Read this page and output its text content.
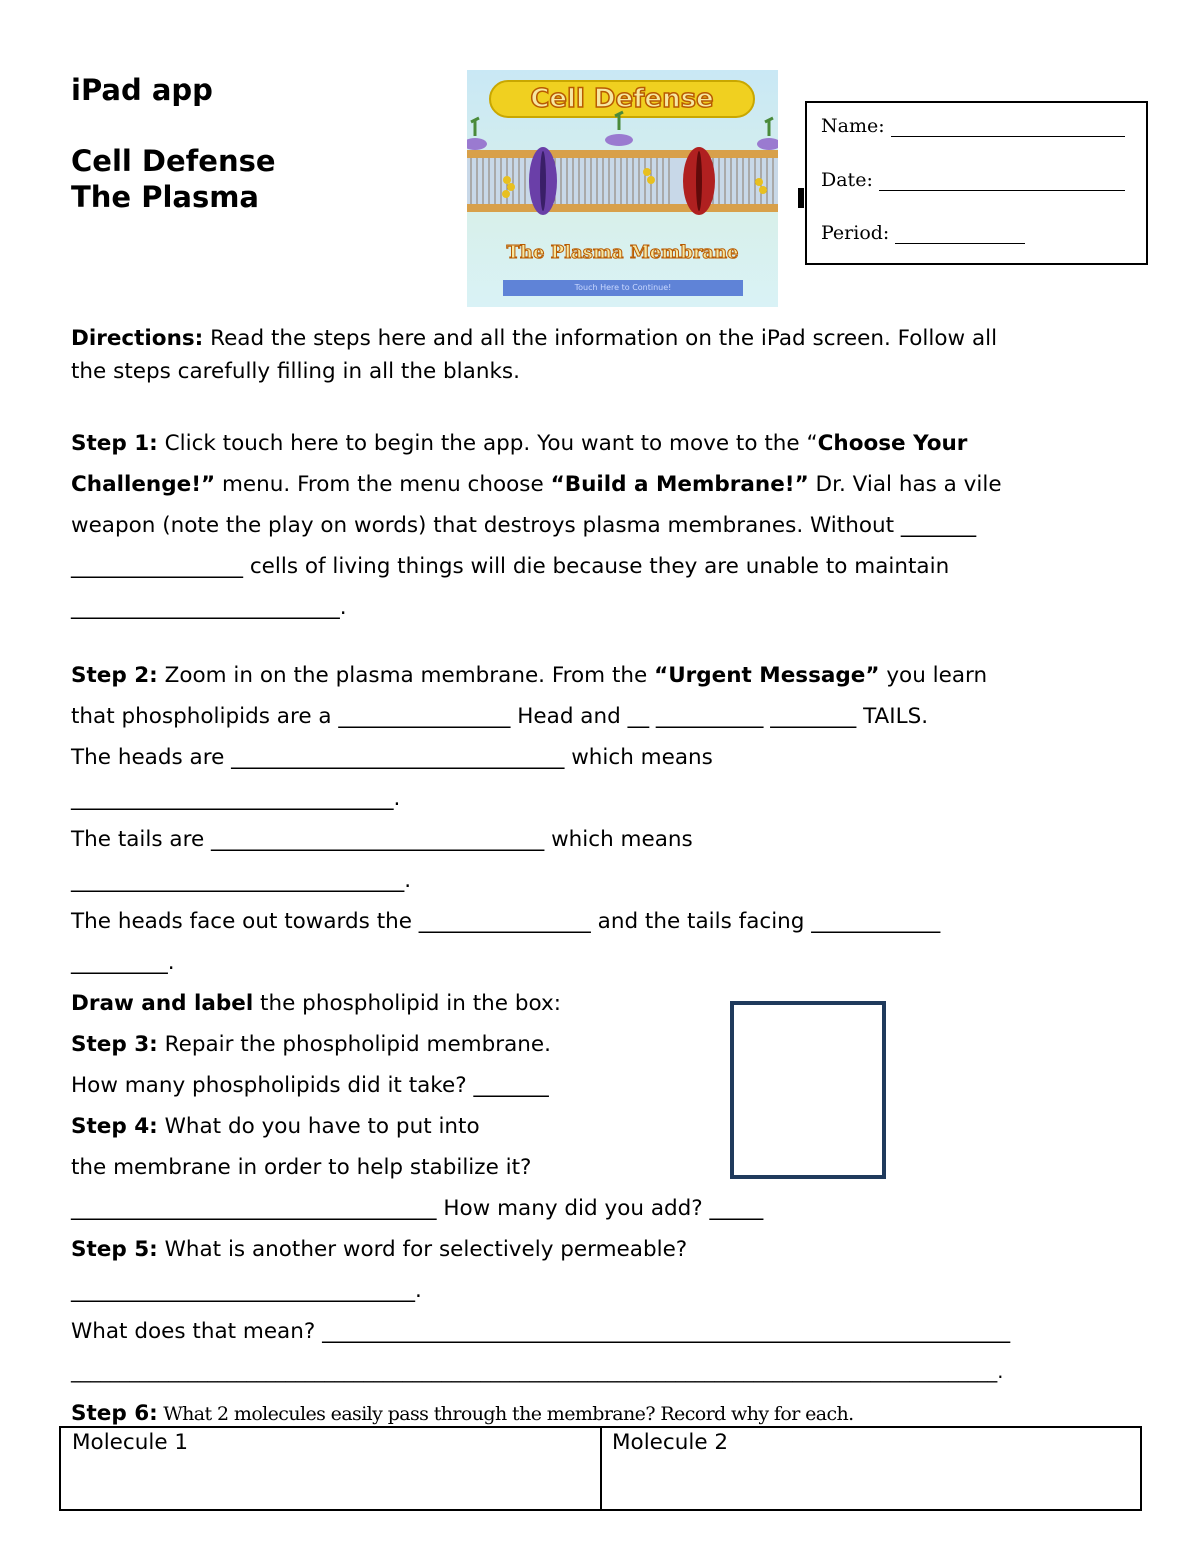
iPad app
Cell Defense
The Plasma
Cell Defense
The Plasma Membrane
Touch Here to Continue!
Name:
Date:
Period:
Directions: Read the steps here and all the information on the iPad screen. Follow all
the steps carefully filling in all the blanks.
Step 1: Click touch here to begin the app. You want to move to the “Choose Your
Challenge!” menu. From the menu choose “Build a Membrane!” Dr. Vial has a vile
weapon (note the play on words) that destroys plasma membranes. Without _______
________________ cells of living things will die because they are unable to maintain
_________________________.
Step 2: Zoom in on the plasma membrane. From the “Urgent Message” you learn
that phospholipids are a ________________ Head and __ __________ ________ TAILS.
The heads are _______________________________ which means
______________________________.
The tails are _______________________________ which means
_______________________________.
The heads face out towards the ________________ and the tails facing ____________
_________.
Draw and label the phospholipid in the box:
Step 3: Repair the phospholipid membrane.
How many phospholipids did it take? _______
Step 4: What do you have to put into
the membrane in order to help stabilize it?
__________________________________ How many did you add? _____
Step 5: What is another word for selectively permeable?
________________________________.
What does that mean? ________________________________________________________________
_______________________________________________________________________________________________.
Step 6: What 2 molecules easily pass through the membrane? Record why for each.
Molecule 1	Molecule 2
